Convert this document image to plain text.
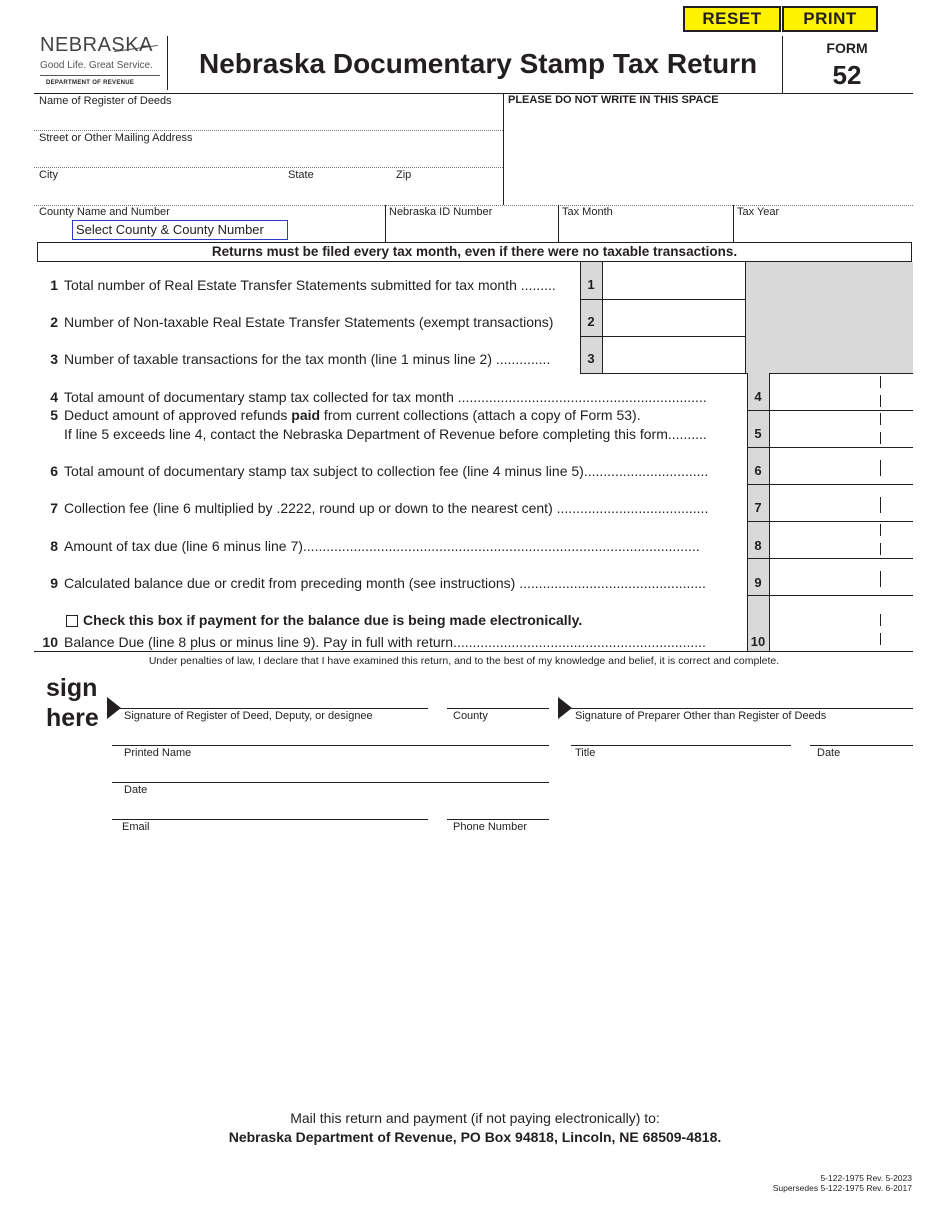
RESET	PRINT
NEBRASKA
Good Life. Great Service.
DEPARTMENT OF REVENUE
Nebraska Documentary Stamp Tax Return	FORM
52
Name of Register of Deeds	PLEASE DO NOT WRITE IN THIS SPACE
Street or Other Mailing Address
City	State	Zip
County Name and Number
Select County & County Number
Nebraska ID Number	Tax Month	Tax Year
Returns must be filed every tax month, even if there were no taxable transactions.
1 Total number of Real Estate Transfer Statements submitted for tax month .........	1
2 Number of Non-taxable Real Estate Transfer Statements (exempt transactions)	2
3 Number of taxable transactions for the tax month (line 1 minus line 2) ..............	3
4 Total amount of documentary stamp tax collected for tax month ................................................................	4
5 Deduct amount of approved refunds paid from current collections (attach a copy of Form 53).
If line 5 exceeds line 4, contact the Nebraska Department of Revenue before completing this form..........	5
6 Total amount of documentary stamp tax subject to collection fee (line 4 minus line 5)................................	6
7 Collection fee (line 6 multiplied by .2222, round up or down to the nearest cent) .......................................	7
8 Amount of tax due (line 6 minus line 7)......................................................................................................	8
9 Calculated balance due or credit from preceding month (see instructions) ................................................	9
Check this box if payment for the balance due is being made electronically.
10 Balance Due (line 8 plus or minus line 9). Pay in full with return.................................................................	10
Under penalties of law, I declare that I have examined this return, and to the best of my knowledge and belief, it is correct and complete.
sign
here Signature of Register of Deed, Deputy, or designee	County	Signature of Preparer Other than Register of Deeds
Printed Name	Title	Date
Date
Email	Phone Number
Mail this return and payment (if not paying electronically) to:
Nebraska Department of Revenue, PO Box 94818, Lincoln, NE 68509-4818.
5-122-1975 Rev. 5-2023
Supersedes 5-122-1975 Rev. 6-2017
